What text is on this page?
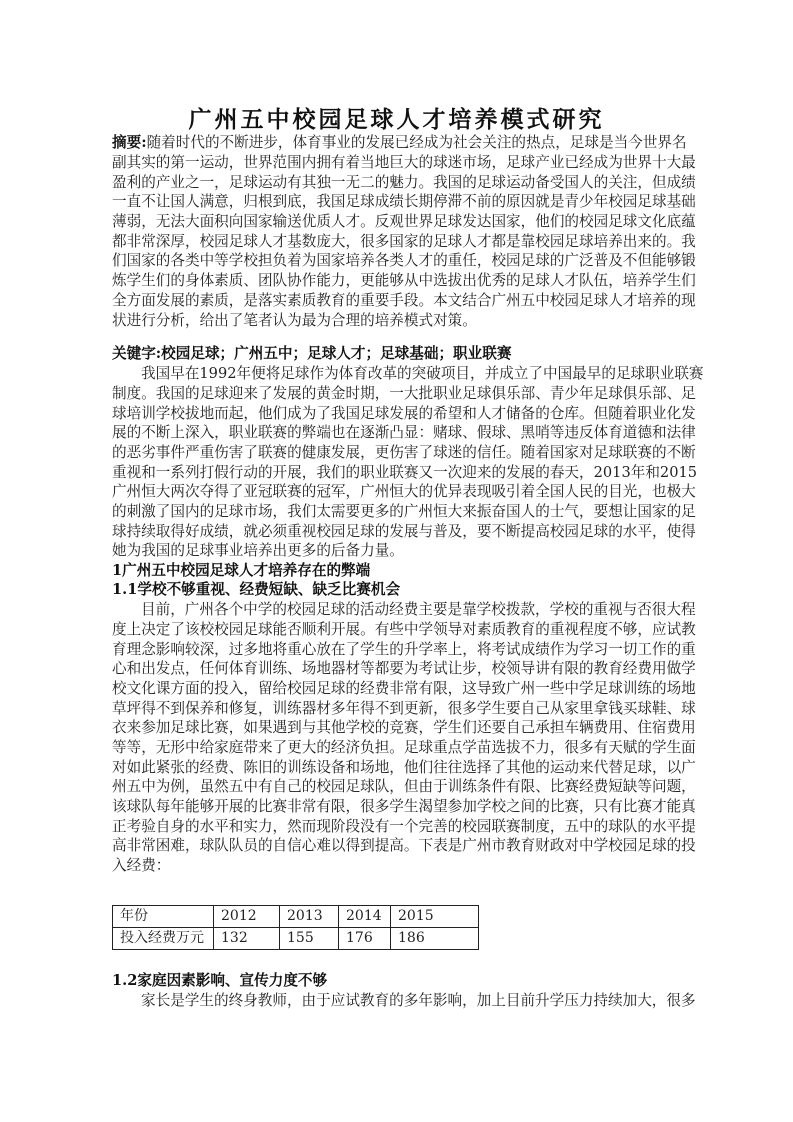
广州五中校园足球人才培养模式研究
摘要:随着时代的不断进步，体育事业的发展已经成为社会关注的热点，足球是当今世界名
副其实的第一运动，世界范围内拥有着当地巨大的球迷市场，足球产业已经成为世界十大最
盈利的产业之一，足球运动有其独一无二的魅力。我国的足球运动备受国人的关注，但成绩
一直不让国人满意，归根到底，我国足球成绩长期停滞不前的原因就是青少年校园足球基础
薄弱，无法大面积向国家输送优质人才。反观世界足球发达国家，他们的校园足球文化底蕴
都非常深厚，校园足球人才基数庞大，很多国家的足球人才都是靠校园足球培养出来的。我
们国家的各类中等学校担负着为国家培养各类人才的重任，校园足球的广泛普及不但能够锻
炼学生们的身体素质、团队协作能力，更能够从中选拔出优秀的足球人才队伍，培养学生们
全方面发展的素质，是落实素质教育的重要手段。本文结合广州五中校园足球人才培养的现
状进行分析，给出了笔者认为最为合理的培养模式对策。
关键字:校园足球；广州五中；足球人才；足球基础；职业联赛
我国早在1992年便将足球作为体育改革的突破项目，并成立了中国最早的足球职业联赛
制度。我国的足球迎来了发展的黄金时期，一大批职业足球俱乐部、青少年足球俱乐部、足
球培训学校拔地而起，他们成为了我国足球发展的希望和人才储备的仓库。但随着职业化发
展的不断上深入，职业联赛的弊端也在逐渐凸显：赌球、假球、黑哨等违反体育道德和法律
的恶劣事件严重伤害了联赛的健康发展，更伤害了球迷的信任。随着国家对足球联赛的不断
重视和一系列打假行动的开展，我们的职业联赛又一次迎来的发展的春天，2013年和2015
广州恒大两次夺得了亚冠联赛的冠军，广州恒大的优异表现吸引着全国人民的目光，也极大
的刺激了国内的足球市场，我们太需要更多的广州恒大来振奋国人的士气，要想让国家的足
球持续取得好成绩，就必须重视校园足球的发展与普及，要不断提高校园足球的水平，使得
她为我国的足球事业培养出更多的后备力量。
1广州五中校园足球人才培养存在的弊端
1.1学校不够重视、经费短缺、缺乏比赛机会
目前，广州各个中学的校园足球的活动经费主要是靠学校拨款，学校的重视与否很大程
度上决定了该校校园足球能否顺利开展。有些中学领导对素质教育的重视程度不够，应试教
育理念影响较深，过多地将重心放在了学生的升学率上，将考试成绩作为学习一切工作的重
心和出发点，任何体育训练、场地器材等都要为考试让步，校领导讲有限的教育经费用做学
校文化课方面的投入，留给校园足球的经费非常有限，这导致广州一些中学足球训练的场地
草坪得不到保养和修复，训练器材多年得不到更新，很多学生要自己从家里拿钱买球鞋、球
衣来参加足球比赛，如果遇到与其他学校的竞赛，学生们还要自己承担车辆费用、住宿费用
等等，无形中给家庭带来了更大的经济负担。足球重点学苗选拔不力，很多有天赋的学生面
对如此紧张的经费、陈旧的训练设备和场地，他们往往选择了其他的运动来代替足球，以广
州五中为例，虽然五中有自己的校园足球队，但由于训练条件有限、比赛经费短缺等问题，
该球队每年能够开展的比赛非常有限，很多学生渴望参加学校之间的比赛，只有比赛才能真
正考验自身的水平和实力，然而现阶段没有一个完善的校园联赛制度，五中的球队的水平提
高非常困难，球队队员的自信心难以得到提高。下表是广州市教育财政对中学校园足球的投
入经费：
年份	2012	2013	2014	2015
投入经费万元	132	155	176	186
1.2家庭因素影响、宣传力度不够
家长是学生的终身教师，由于应试教育的多年影响，加上目前升学压力持续加大，很多
